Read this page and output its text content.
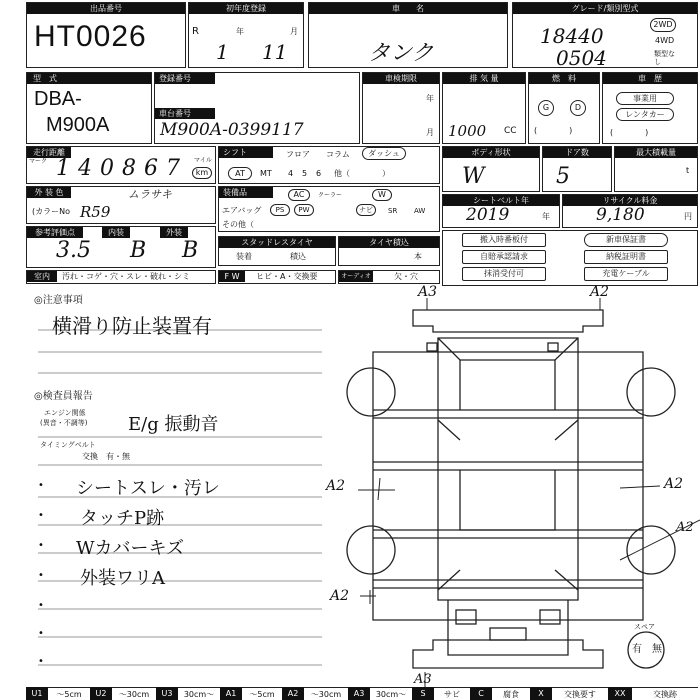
出品番号
HT0026
初年度登録
R	年	月
1 11
車　　名
タンク
グレード/類別型式
18440
0504
2WD
4WD
類型なし
型　式
DBA-
M900A
登録番号
車台番号
M900A-0399117
車検期限
年
月
排 気 量
1000 CC
燃　料
G	D
(　　　　)
車　歴
事業用
レンタカー
(　　　　)
走行距離
マーク 1 4 0 8 6 7 マイル
km
シフト	フロア コラム	ダッシュ
AT	MT 4 5 6 他（　　　　）
ボディ形状
W
ドア数
5
最大積載量
t
外 装 色	ムラサキ
(カラーNo R59
装備品	AC	クーラー	W
エアバッグ	PS	PW	ナビ	SR AW
その他（
シートベルト年
2019	年
リサイクル料金
9,180	円
参考評価点	内装	外装
3.5 B B	スタッドレスタイヤ
装着	積込
タイヤ積込
本
搬入時番板付
自賠承認請求
抹消受付可
新車保証書
納税証明書
充電ケーブル
室内	汚れ・コゲ・穴・スレ・破れ・シミ	F W	ヒビ・A・交換要	オーディオ	欠・穴
◎注意事項
横滑り防止装置有
◎検査員報告
エンジン関係
(異音・不調等) E/g 振動音
タイミングベルト
交換　有・無
• シートスレ・汚レ
• タッチP跡
• Wカバーキズ
• 外装ワリA
•
•
•
A3	A2
A2	A2
A2
A2
A3
スペア
有 無
U1	～5cm	U2	～30cm	U3	30cm～	A1	～5cm	A2	～30cm	A3	30cm～	S	サビ	C	腐食	X	交換要す	XX	交換跡
